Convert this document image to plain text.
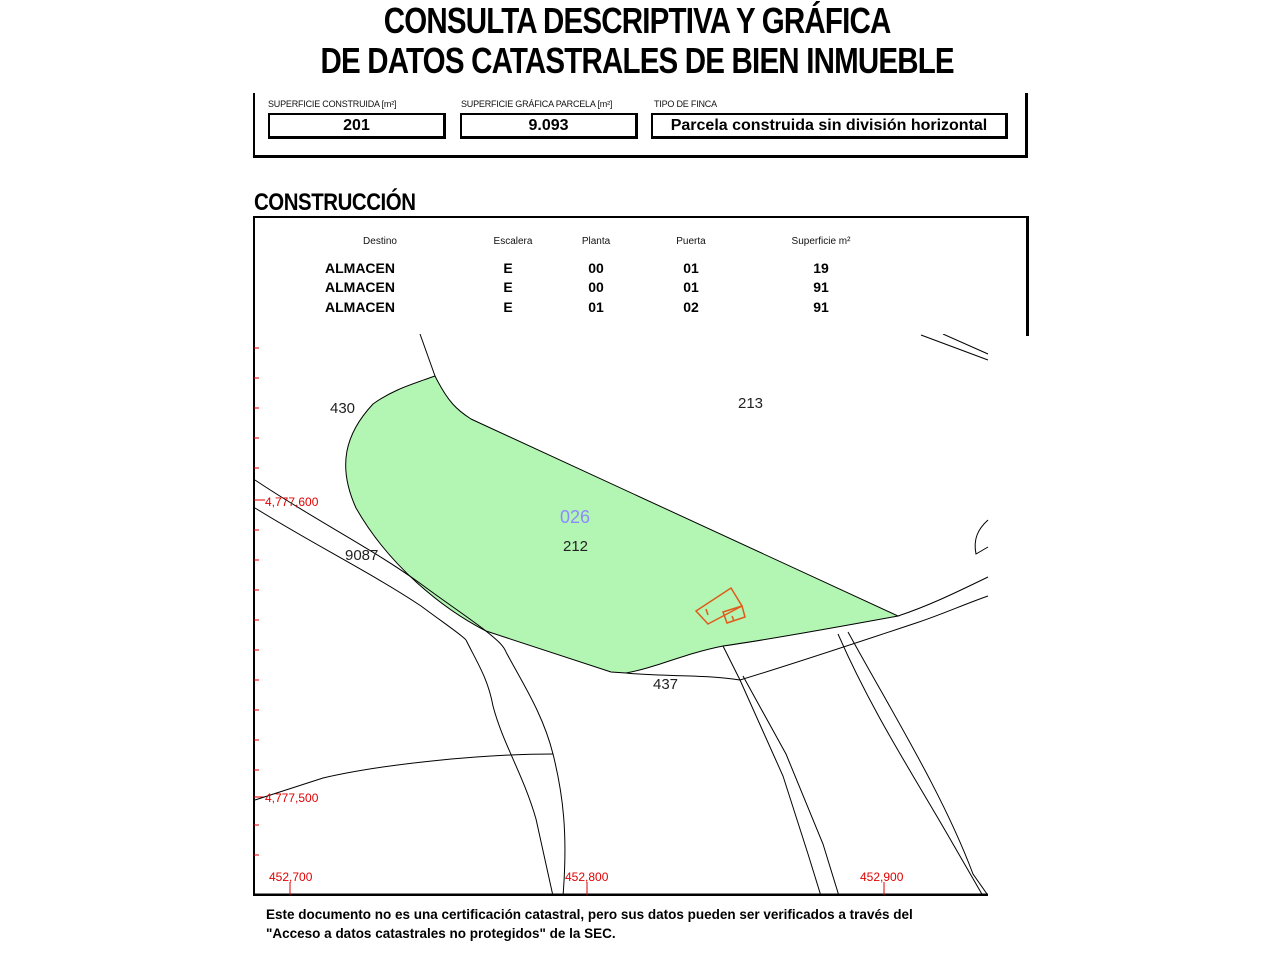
CONSULTA DESCRIPTIVA Y GRÁFICA
DE DATOS CATASTRALES DE BIEN INMUEBLE
SUPERFICIE CONSTRUIDA [m²]
201
SUPERFICIE GRÁFICA PARCELA [m²]
9.093
TIPO DE FINCA
Parcela construida sin división horizontal
CONSTRUCCIÓN
Destino	Escalera	Planta	Puerta	Superficie m²
ALMACEN	E	00	01	19
ALMACEN	E	00	01	91
ALMACEN	E	01	02	91
430	213
026
212
9087
437
4,777,600
4,777,500
452,700	452,800	452,900
Este documento no es una certificación catastral, pero sus datos pueden ser verificados a través del
"Acceso a datos catastrales no protegidos" de la SEC.
